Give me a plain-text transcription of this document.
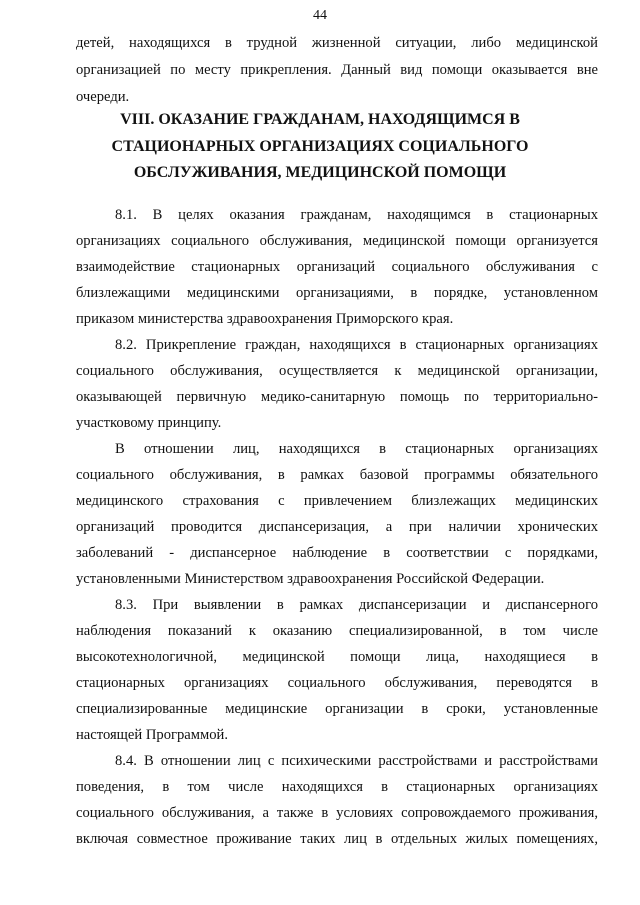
44
детей, находящихся в трудной жизненной ситуации, либо медицинской
организацией по месту прикрепления. Данный вид помощи оказывается вне
очереди.
VIII. ОКАЗАНИЕ ГРАЖДАНАМ, НАХОДЯЩИМСЯ В
СТАЦИОНАРНЫХ ОРГАНИЗАЦИЯХ СОЦИАЛЬНОГО
ОБСЛУЖИВАНИЯ, МЕДИЦИНСКОЙ ПОМОЩИ
8.1. В целях оказания гражданам, находящимся в стационарных
организациях социального обслуживания, медицинской помощи организуется
взаимодействие стационарных организаций социального обслуживания с
близлежащими медицинскими организациями, в порядке, установленном
приказом министерства здравоохранения Приморского края.
8.2. Прикрепление граждан, находящихся в стационарных организациях
социального обслуживания, осуществляется к медицинской организации,
оказывающей первичную медико-санитарную помощь по территориально-
участковому принципу.
В отношении лиц, находящихся в стационарных организациях
социального обслуживания, в рамках базовой программы обязательного
медицинского страхования с привлечением близлежащих медицинских
организаций проводится диспансеризация, а при наличии хронических
заболеваний - диспансерное наблюдение в соответствии с порядками,
установленными Министерством здравоохранения Российской Федерации.
8.3. При выявлении в рамках диспансеризации и диспансерного
наблюдения показаний к оказанию специализированной, в том числе
высокотехнологичной, медицинской помощи лица, находящиеся в
стационарных организациях социального обслуживания, переводятся в
специализированные медицинские организации в сроки, установленные
настоящей Программой.
8.4. В отношении лиц с психическими расстройствами и расстройствами
поведения, в том числе находящихся в стационарных организациях
социального обслуживания, а также в условиях сопровождаемого проживания,
включая совместное проживание таких лиц в отдельных жилых помещениях,
